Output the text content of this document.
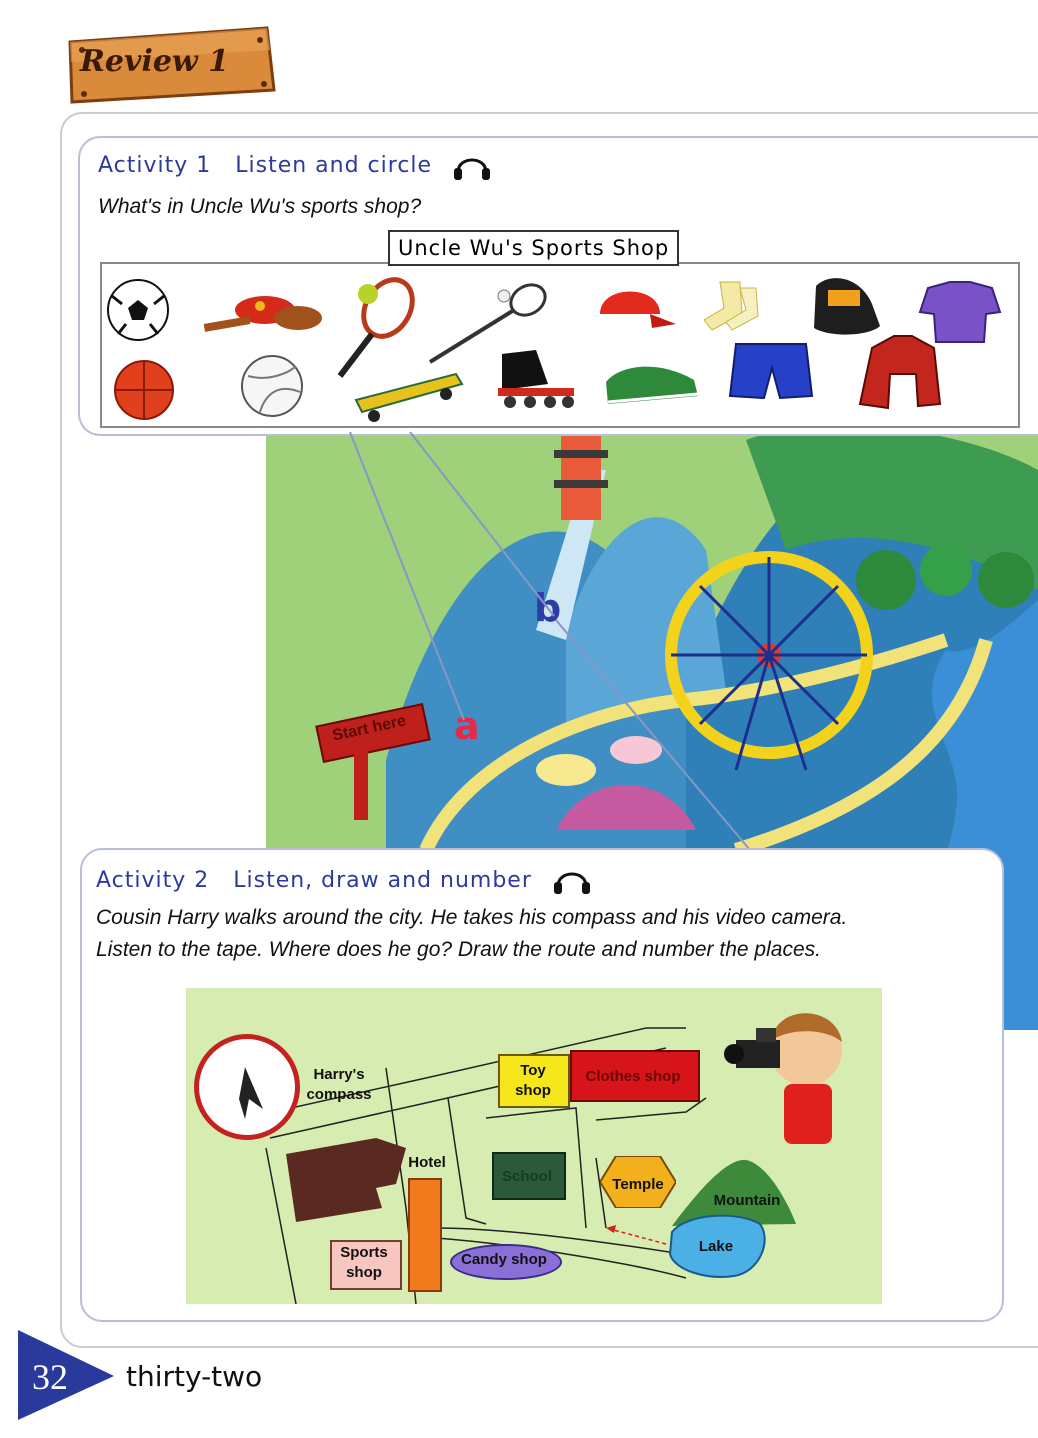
Review 1
Start here a
b
Activity 1   Listen and circle
What's in Uncle Wu's sports shop?
Uncle Wu's Sports Shop
Activity 2   Listen, draw and number
Cousin Harry walks around the city. He takes his compass and his video camera.
Listen to the tape. Where does he go? Draw the route and number the places.
Harry's
compass
Toy
shop
Clothes shop
Hotel
School	Temple
Mountain
Lake
Sports
shop
Candy shop
32 thirty-two
